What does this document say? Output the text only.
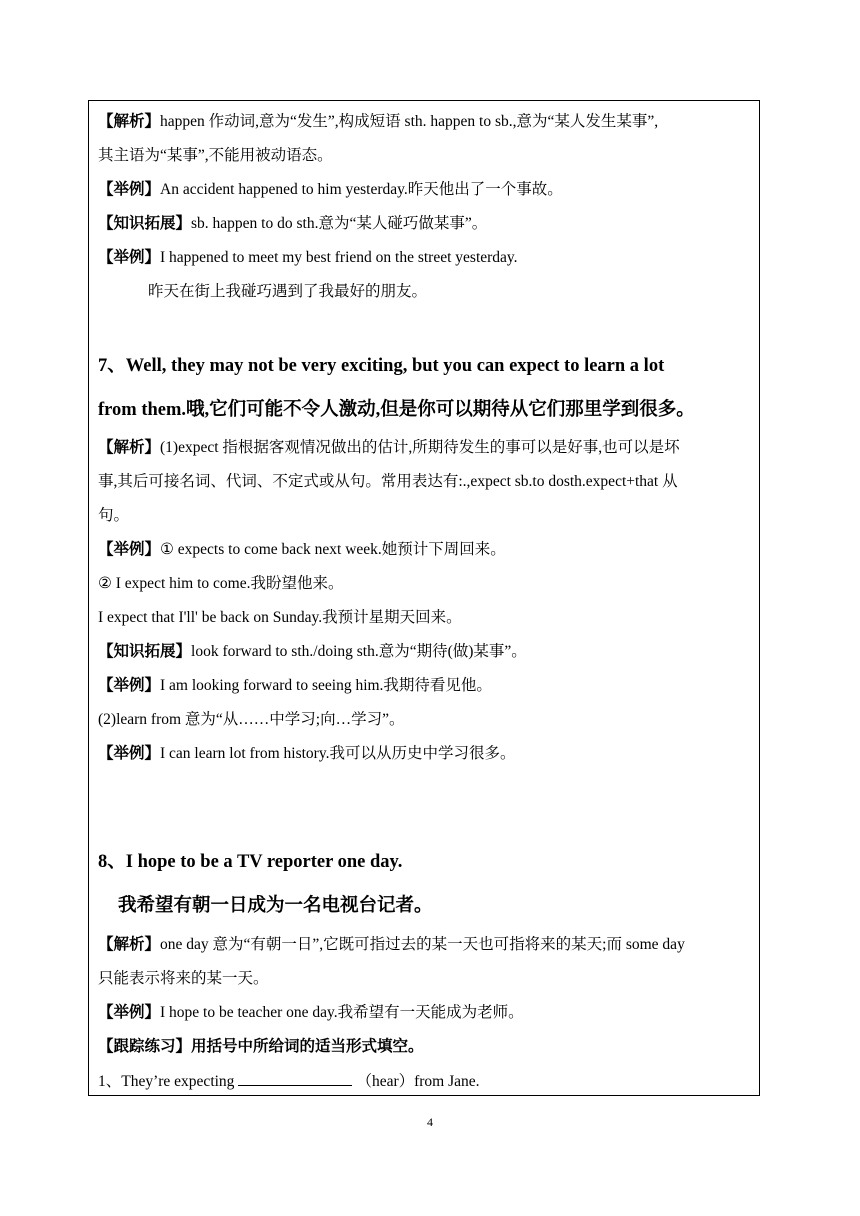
【解析】happen 作动词,意为“发生”,构成短语 sth. happen to sb.,意为“某人发生某事”,
其主语为“某事”,不能用被动语态。
【举例】An accident happened to him yesterday.昨天他出了一个事故。
【知识拓展】sb. happen to do sth.意为“某人碰巧做某事”。
【举例】I happened to meet my best friend on the street yesterday.
昨天在街上我碰巧遇到了我最好的朋友。
7、Well, they may not be very exciting, but you can expect to learn a lot
from them.哦,它们可能不令人激动,但是你可以期待从它们那里学到很多。
【解析】(1)expect 指根据客观情况做出的估计,所期待发生的事可以是好事,也可以是坏
事,其后可接名词、代词、不定式或从句。常用表达有:.,expect sb.to dosth.expect+that 从
句。
【举例】① expects to come back next week.她预计下周回来。
② I expect him to come.我盼望他来。
I expect that I'll' be back on Sunday.我预计星期天回来。
【知识拓展】look forward to sth./doing sth.意为“期待(做)某事”。
【举例】I am looking forward to seeing him.我期待看见他。
(2)learn from 意为“从……中学习;向…学习”。
【举例】I can learn lot from history.我可以从历史中学习很多。
8、I hope to be a TV reporter one day.
我希望有朝一日成为一名电视台记者。
【解析】one day 意为“有朝一日”,它既可指过去的某一天也可指将来的某天;而 some day
只能表示将来的某一天。
【举例】I hope to be teacher one day.我希望有一天能成为老师。
【跟踪练习】用括号中所给词的适当形式填空。
1、They’re expecting	（hear）from Jane.
4
